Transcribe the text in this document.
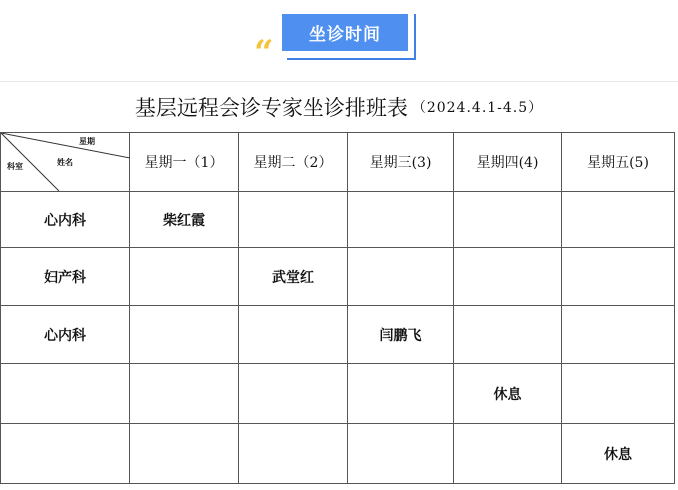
坐诊时间
“
基层远程会诊专家坐诊排班表 （2024.4.1-4.5）
星期
姓名
科室	星期一（1）	星期二（2）	星期三(3)	星期四(4)	星期五(5)
心内科	柴红霞				
妇产科		武堂红			
心内科			闫鹏飞		
				休息	
					休息
